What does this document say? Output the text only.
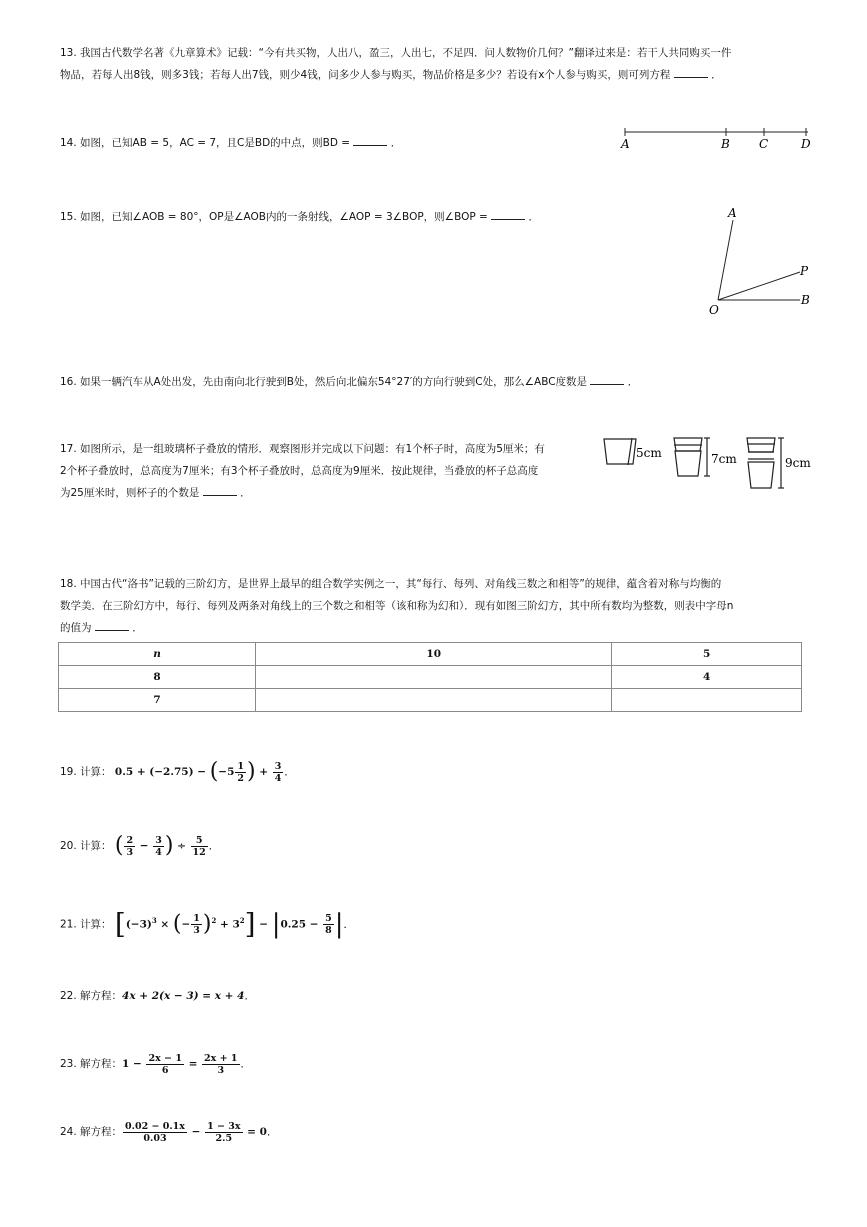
13. 我国古代数学名著《九章算术》记载：“今有共买物，人出八，盈三，人出七，不足四．问人数物价几何？”翻译过来是：若干人共同购买一件
物品，若每人出8钱，则多3钱；若每人出7钱，则少4钱，问多少人参与购买，物品价格是多少？若设有x个人参与购买，则可列方程	．
14. 如图，已知AB = 5，AC = 7，且C是BD的中点，则BD =	．	A	B C	D
15. 如图，已知∠AOB = 80°，OP是∠AOB内的一条射线，∠AOP = 3∠BOP，则∠BOP =	．	A
P
O
B
16. 如果一辆汽车从A处出发，先由南向北行驶到B处，然后向北偏东54°27′的方向行驶到C处，那么∠ABC度数是	．
17. 如图所示，是一组玻璃杯子叠放的情形．观察图形并完成以下问题：有1个杯子时，高度为5厘米；有
2个杯子叠放时，总高度为7厘米；有3个杯子叠放时，总高度为9厘米．按此规律，当叠放的杯子总高度
为25厘米时，则杯子的个数是	．
5cm	7cm	9cm
18. 中国古代“洛书”记载的三阶幻方，是世界上最早的组合数学实例之一，其“每行、每列、对角线三数之和相等”的规律，蕴含着对称与均衡的
数学美．在三阶幻方中，每行、每列及两条对角线上的三个数之和相等（该和称为幻和）．现有如图三阶幻方，其中所有数均为整数，则表中字母n
的值为	．
n	10	5
8		4
7		
19. 计算： $0.5 + (-2.75) - (-5 \frac{1}{2}$ ) + $\frac{3}{4}$ ．
20. 计算： ( $\frac{2}{3} - \frac{3}{4}$ ) ÷ $\frac{5}{12}$ ．
21. 计算： [$(-3)^3$ × (− $\frac{1}{3} )^2 + 3^2] - |0.25 - \frac{5}{8}$ |．
22. 解方程：4x + 2(x − 3) = x + 4．
23. 解方程：$1 - \frac{2x - 1}{6} = \frac{2x + 1}{3}$ ．
24. 解方程： $\frac{0.02 - 0.1x}{0.03} - \frac{1 - 3x}{2.5} = 0$．
